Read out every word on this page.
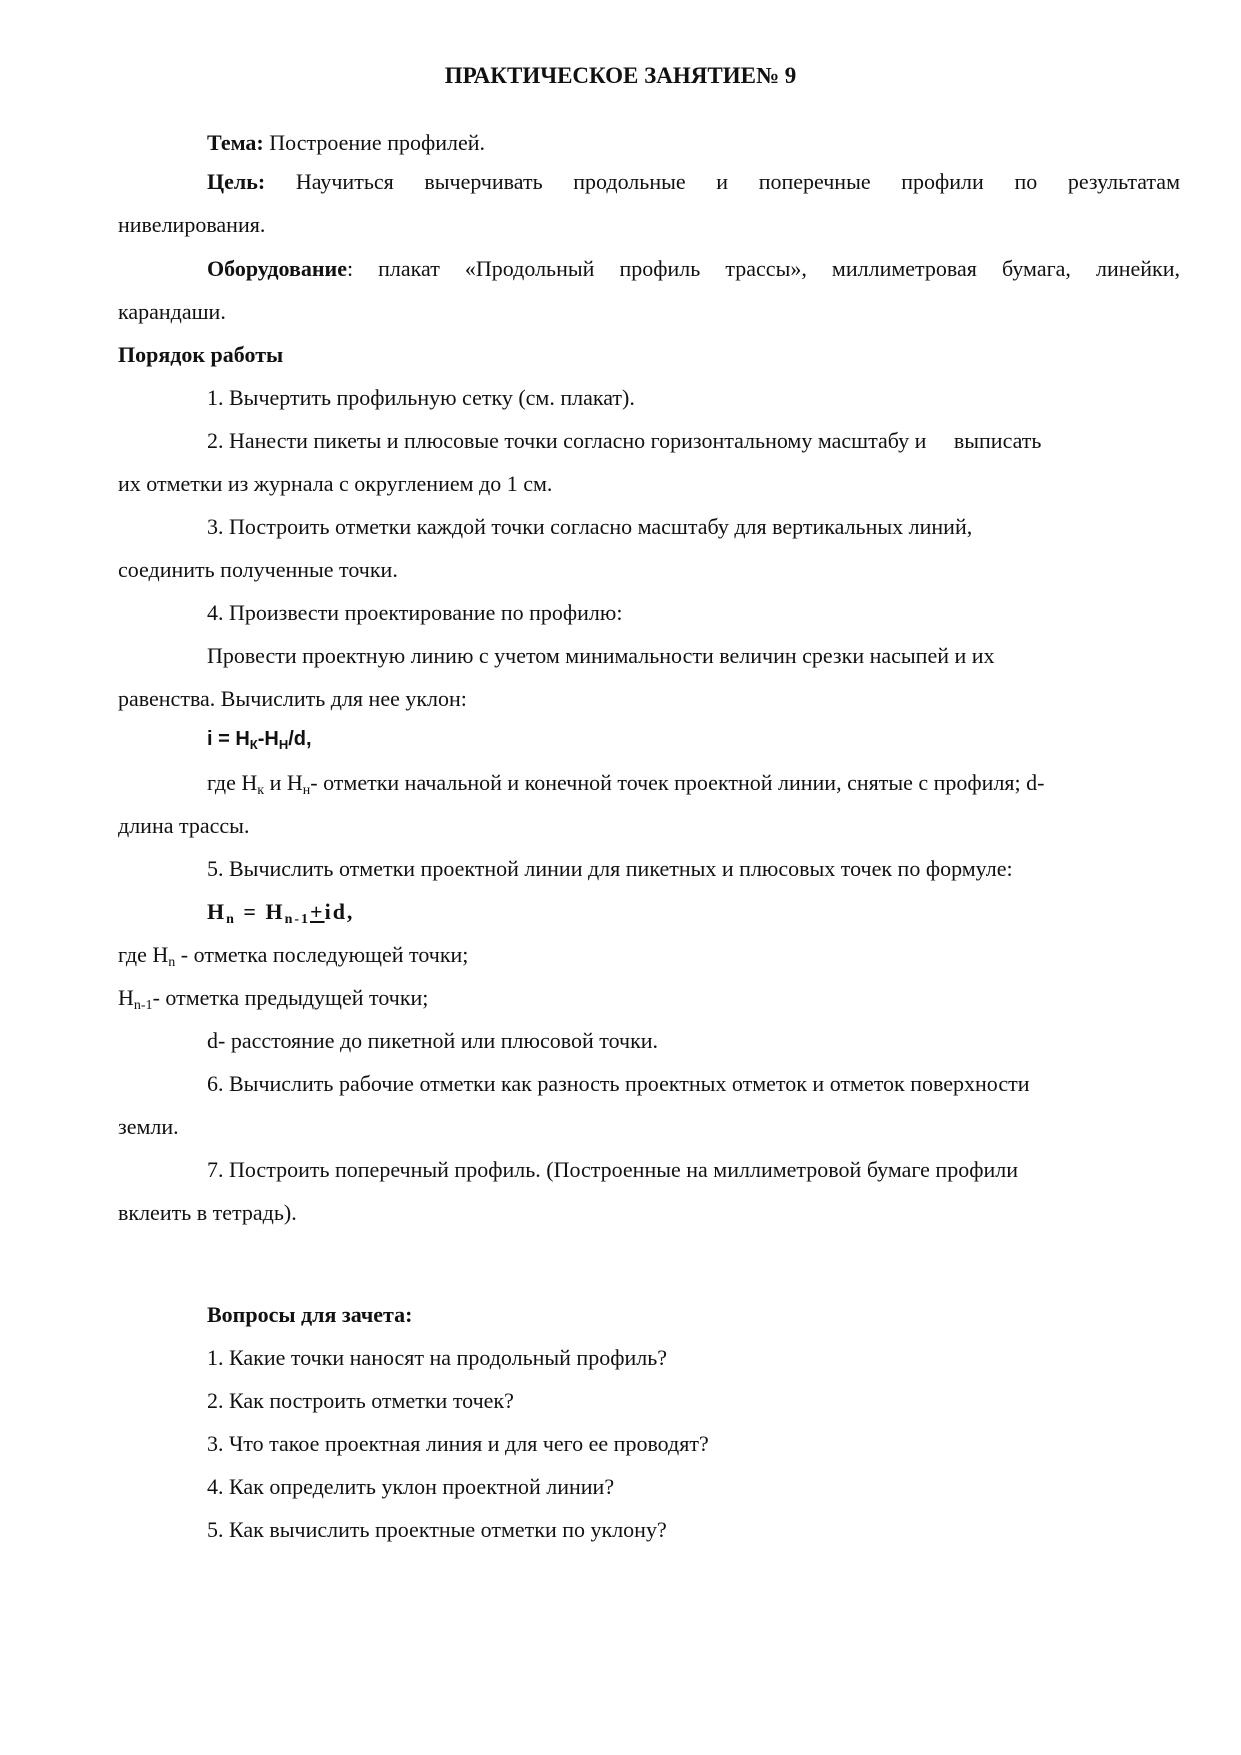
ПРАКТИЧЕСКОЕ ЗАНЯТИЕ№ 9
Тема: Построение профилей.
Цель: Научиться вычерчивать продольные и поперечные профили по результатам
нивелирования.
Оборудование: плакат «Продольный профиль трассы», миллиметровая бумага, линейки,
карандаши.
Порядок работы
1. Вычертить профильную сетку (см. плакат).
2. Нанести пикеты и плюсовые точки согласно горизонтальному масштабу и     выписать
их отметки из журнала с округлением до 1 см.
3. Построить отметки каждой точки согласно масштабу для вертикальных линий,
соединить полученные точки.
4. Произвести проектирование по профилю:
Провести проектную линию с учетом минимальности величин срезки насыпей и их
равенства. Вычислить для нее уклон:
$i = H_К-H_Н/d$,
где $H_к$ и $H_н-$ отметки начальной и конечной точек проектной линии, снятые с профиля; d-
длина трассы.
5. Вычислить отметки проектной линии для пикетных и плюсовых точек по формуле:
$H_n = H_{n-1}+id$,
где $H_n$ - отметка последующей точки;
$H_{n-1}-$ отметка предыдущей точки;
d- расстояние до пикетной или плюсовой точки.
6. Вычислить рабочие отметки как разность проектных отметок и отметок поверхности
земли.
7. Построить поперечный профиль. (Построенные на миллиметровой бумаге профили
вклеить в тетрадь).
Вопросы для зачета:
1. Какие точки наносят на продольный профиль?
2. Как построить отметки точек?
3. Что такое проектная линия и для чего ее проводят?
4. Как определить уклон проектной линии?
5. Как вычислить проектные отметки по уклону?
